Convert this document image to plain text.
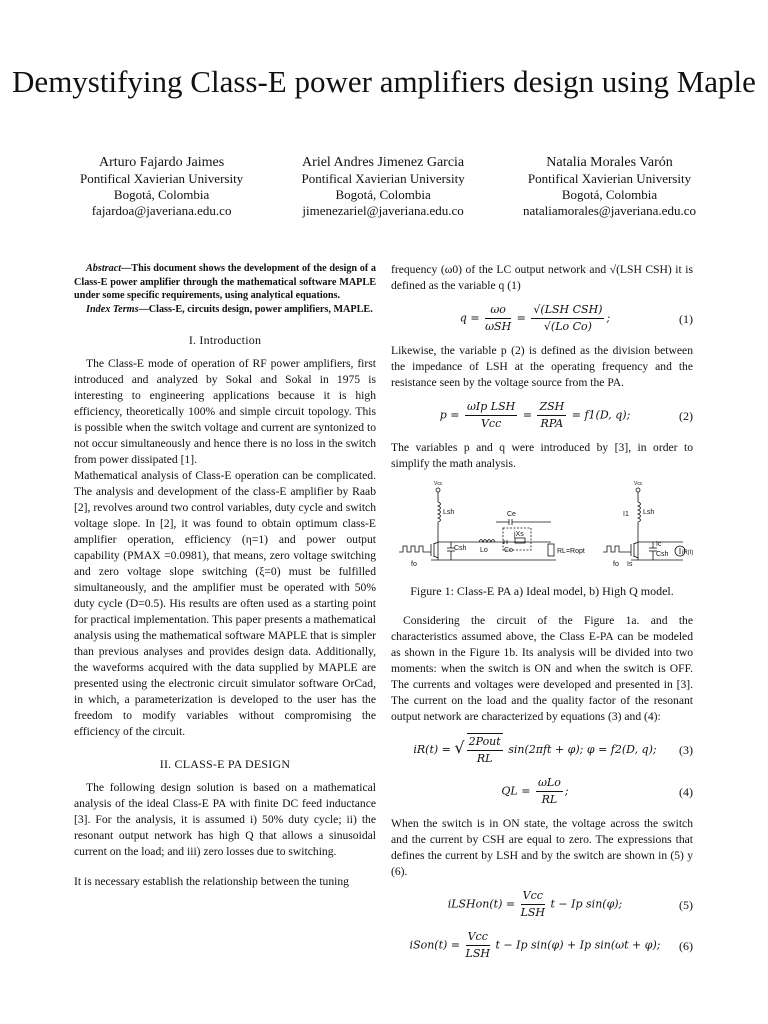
Demystifying Class-E power amplifiers design using Maple
Arturo Fajardo Jaimes
Pontifical Xavierian University
Bogotá, Colombia
fajardoa@javeriana.edu.co
Ariel Andres Jimenez Garcia
Pontifical Xavierian University
Bogotá, Colombia
jimenezariel@javeriana.edu.co
Natalia Morales Varón
Pontifical Xavierian University
Bogotá, Colombia
nataliamorales@javeriana.edu.co

Abstract—This document shows the development of the design of a Class-E power amplifier through the mathematical software MAPLE under some specific requirements, using analytical equations.

Index Terms—Class-E, circuits design, power amplifiers, MAPLE.

I. Introduction

The Class-E mode of operation of RF power amplifiers, first introduced and analyzed by Sokal and Sokal in 1975 is interesting to engineering applications because it is high efficiency, theoretically 100% and simple circuit topology. This is possible when the switch voltage and current are syntonized to not occur simultaneously and hence there is no loss in the switch from power dissipated [1].

Mathematical analysis of Class-E operation can be complicated. The analysis and development of the class-E amplifier by Raab [2], revolves around two control variables, duty cycle and switch voltage slope. In [2], it was found to obtain optimum class-E amplifier operation, efficiency (η=1) and power output capability (PMAX =0.0981), that means, zero voltage switching and zero voltage slope switching (ξ=0) must be fulfilled simultaneously, and the amplifier must be operated with 50% duty cycle (D=0.5). His results are often used as a starting point for practical implementation. This paper presents a mathematical analysis using the mathematical software MAPLE that is simpler than previous analyses and provides design data. Additionally, the waveforms acquired with the data supplied by MAPLE are presented using the electronic circuit simulator software OrCad, in which, a parameterization is developed to the user has the freedom to modify variables without compromising the efficiency of the circuit.

II. CLASS-E PA DESIGN

The following design solution is based on a mathematical analysis of the ideal Class-E PA with finite DC feed inductance [3]. For the analysis, it is assumed i) 50% duty cycle; ii) the resonant output network has high Q that allows a sinusoidal current on the load; and iii) zero losses due to switching.

It is necessary establish the relationship between the tuning

frequency (ω0) of the LC output network and √(LSH CSH) it is defined as the variable q (1)

$q = \frac{\omega o}{\text{ωSH}} = \frac{\text{√(LSH CSH)}}{\text{√(Lo Co)}}$ ;	(1)

Likewise, the variable p (2) is defined as the division between the impedance of LSH at the operating frequency and the resistance seen by the voltage source from the PA.

$p = \frac{\text{ωIp LSH}}{\text{Vcc}} = \frac{\text{ZSH}}{\text{RPA}} = f1(D$, q);	(2)

The variables p and q were introduced by [3], in order to simplify the math analysis.

Vcc
Lsh
fo
Csh Lo
Ce
Co
jXs
RL=Ropt
Vcc
Lsh
I1
fo Is
Ic
Csh iR(t)
Figure 1: Class-E PA a) Ideal model, b) High Q model.

Considering the circuit of the Figure 1a. and the characteristics assumed above, the Class E-PA can be modeled as shown in the Figure 1b. Its analysis will be divided into two moments: when the switch is ON and when the switch is OFF. The currents and voltages were developed and presented in [3]. The current on the load and the quality factor of the resonant output network are characterized by equations (3) and (4):

iR(t) = √ $\frac{\text{2Pout}}{RL} \sin(2\pi ft + \varphi)$; φ = f2(D, q);	(3)
QL = $\frac{\text{ωLo}}{RL}$ ;	(4)

When the switch is in ON state, the voltage across the switch and the current by CSH are equal to zero. The expressions that defines the current by LSH and by the switch are shown in (5) y (6).

iLSHon(t) = $\frac{\text{Vcc}}{\text{LSH}}$ t − Ip sin(φ);	(5)
iSon(t) = $\frac{\text{Vcc}}{\text{LSH}}$ t − Ip sin(φ) + Ip sin(ωt + φ);	(6)
